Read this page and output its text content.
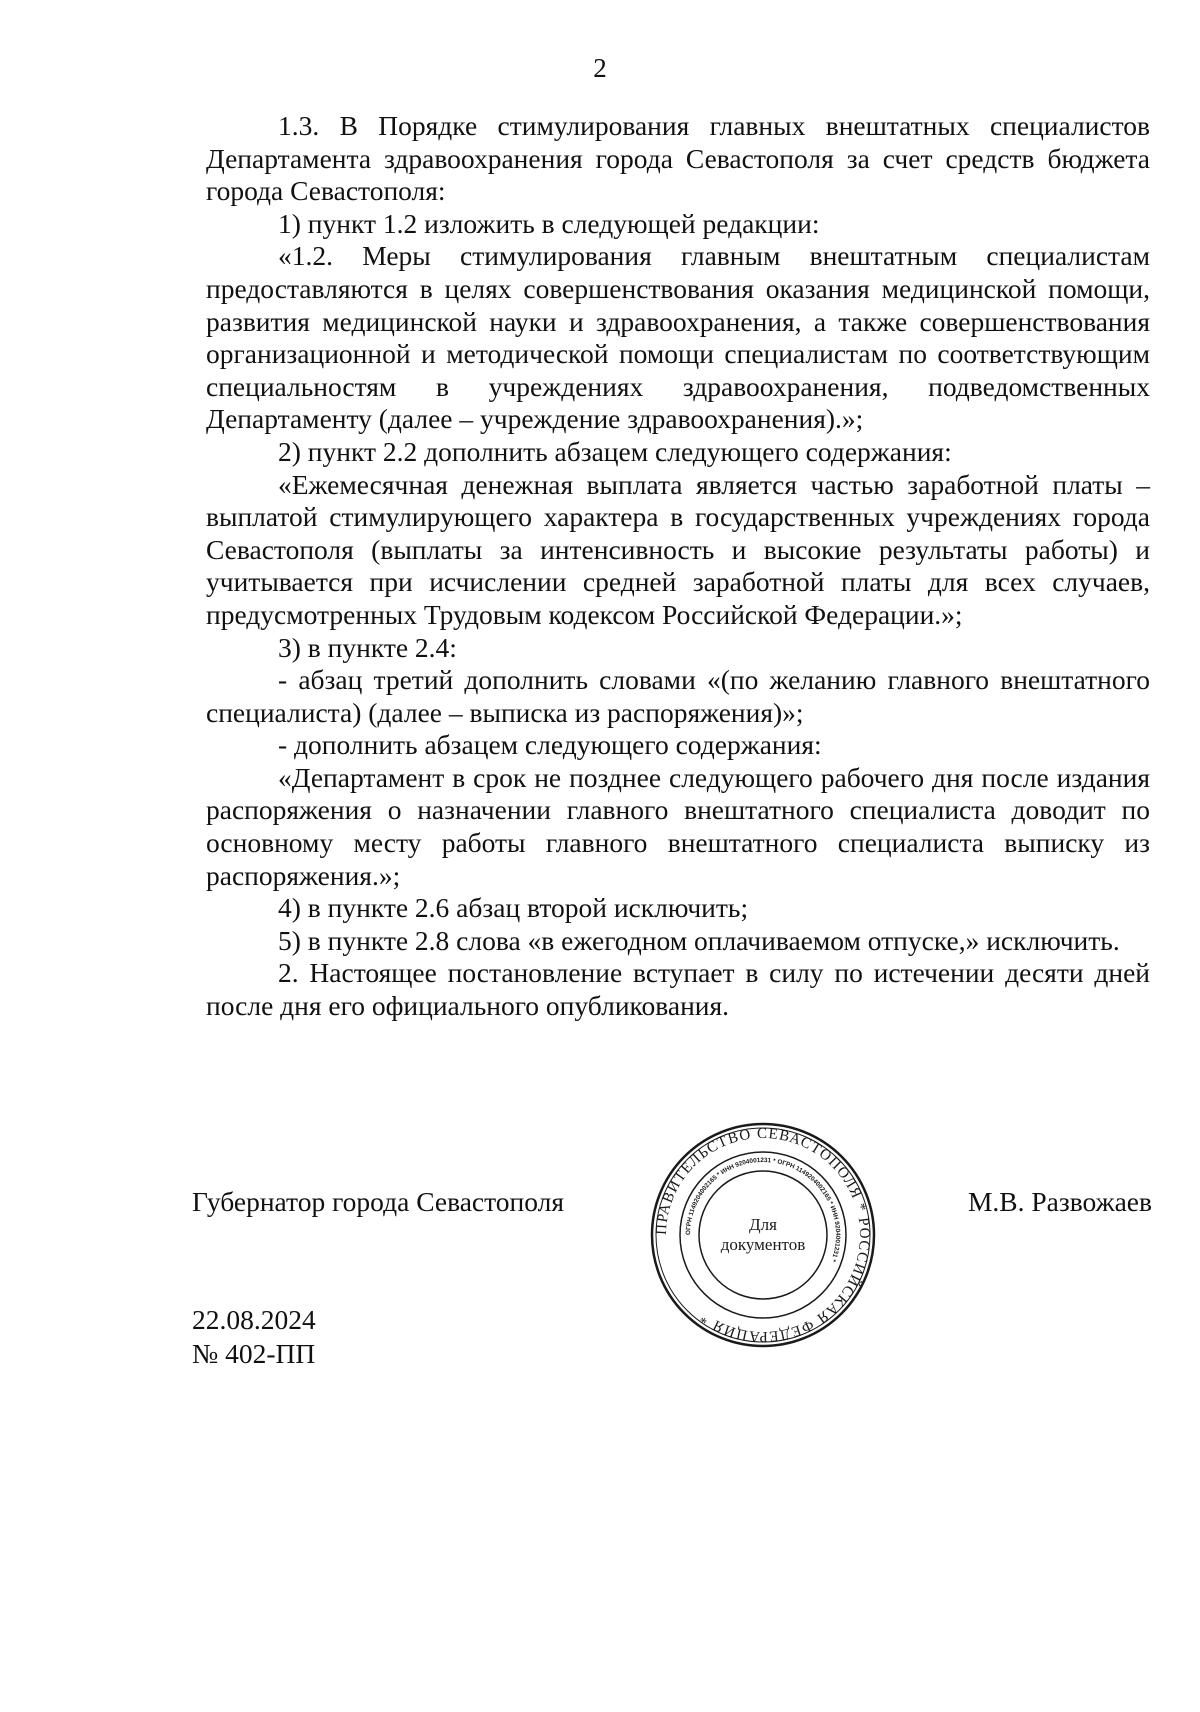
2

1.3. В Порядке стимулирования главных внештатных специалистов Департамента здравоохранения города Севастополя за счет средств бюджета города Севастополя:

1) пункт 1.2 изложить в следующей редакции:

«1.2. Меры стимулирования главным внештатным специалистам предоставляются в целях совершенствования оказания медицинской помощи, развития медицинской науки и здравоохранения, а также совершенствования организационной и методической помощи специалистам по соответствующим специальностям в учреждениях здравоохранения, подведомственных Департаменту (далее – учреждение здравоохранения).»;

2) пункт 2.2 дополнить абзацем следующего содержания:

«Ежемесячная денежная выплата является частью заработной платы – выплатой стимулирующего характера в государственных учреждениях города Севастополя (выплаты за интенсивность и высокие результаты работы) и учитывается при исчислении средней заработной платы для всех случаев, предусмотренных Трудовым кодексом Российской Федерации.»;

3) в пункте 2.4:

- абзац третий дополнить словами «(по желанию главного внештатного специалиста) (далее – выписка из распоряжения)»;

- дополнить абзацем следующего содержания:

«Департамент в срок не позднее следующего рабочего дня после издания распоряжения о назначении главного внештатного специалиста доводит по основному месту работы главного внештатного специалиста выписку из распоряжения.»;

4) в пункте 2.6 абзац второй исключить;

5) в пункте 2.8 слова «в ежегодном оплачиваемом отпуске,» исключить.

2. Настоящее постановление вступает в силу по истечении десяти дней после дня его официального опубликования.

Губернатор города Севастополя	М.В. Развожаев
ПРАВИТЕЛЬСТВО СЕВАСТОПОЛЯ * РОССИЙСКАЯ ФЕДЕРАЦИЯ *
ОГРН 1149204002165 * ИНН 9204001231 * ОГРН 1149204002165 * ИНН 9204001231 *
Для
документов
22.08.2024
№ 402-ПП
